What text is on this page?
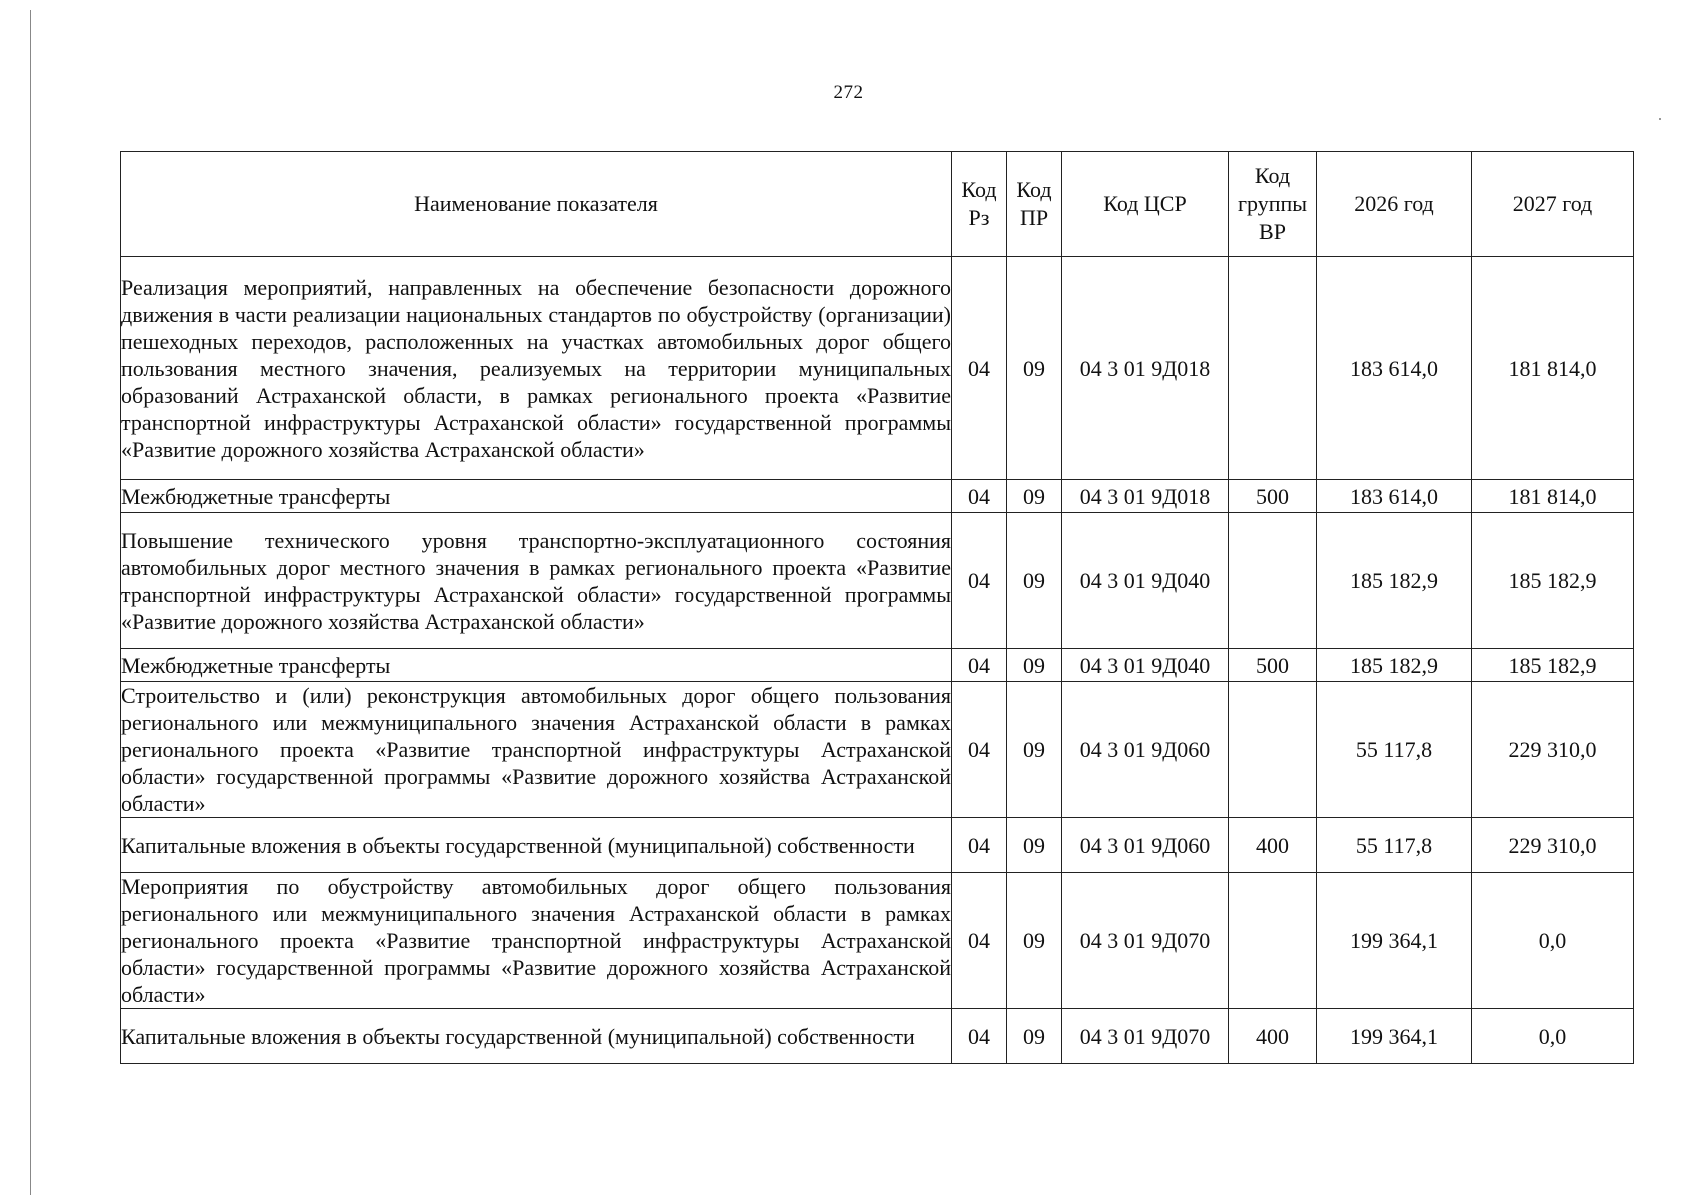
272
Наименование показателя	Код Рз	Код ПР	Код ЦСР	Код группы ВР	2026 год	2027 год
Реализация мероприятий, направленных на обеспечение безопасности дорожного движения в части реализации национальных стандартов по обустройству (организации) пешеходных переходов, расположенных на участках автомобильных дорог общего пользования местного значения, реализуемых на территории муниципальных образований Астраханской области, в рамках регионального проекта «Развитие транспортной инфраструктуры Астраханской области» государственной программы «Развитие дорожного хозяйства Астраханской области»	04	09	04 3 01 9Д018		183 614,0	181 814,0
Межбюджетные трансферты	04	09	04 3 01 9Д018	500	183 614,0	181 814,0
Повышение технического уровня транспортно-эксплуатационного состояния автомобильных дорог местного значения в рамках регионального проекта «Развитие транспортной инфраструктуры Астраханской области» государственной программы «Развитие дорожного хозяйства Астраханской области»	04	09	04 3 01 9Д040		185 182,9	185 182,9
Межбюджетные трансферты	04	09	04 3 01 9Д040	500	185 182,9	185 182,9
Строительство и (или) реконструкция автомобильных дорог общего пользования регионального или межмуниципального значения Астраханской области в рамках регионального проекта «Развитие транспортной инфраструктуры Астраханской области» государственной программы «Развитие дорожного хозяйства Астраханской области»	04	09	04 3 01 9Д060		55 117,8	229 310,0
Капитальные вложения в объекты государственной (муниципальной) собственности	04	09	04 3 01 9Д060	400	55 117,8	229 310,0
Мероприятия по обустройству автомобильных дорог общего пользования регионального или межмуниципального значения Астраханской области в рамках регионального проекта «Развитие транспортной инфраструктуры Астраханской области» государственной программы «Развитие дорожного хозяйства Астраханской области»	04	09	04 3 01 9Д070		199 364,1	0,0
Капитальные вложения в объекты государственной (муниципальной) собственности	04	09	04 3 01 9Д070	400	199 364,1	0,0
